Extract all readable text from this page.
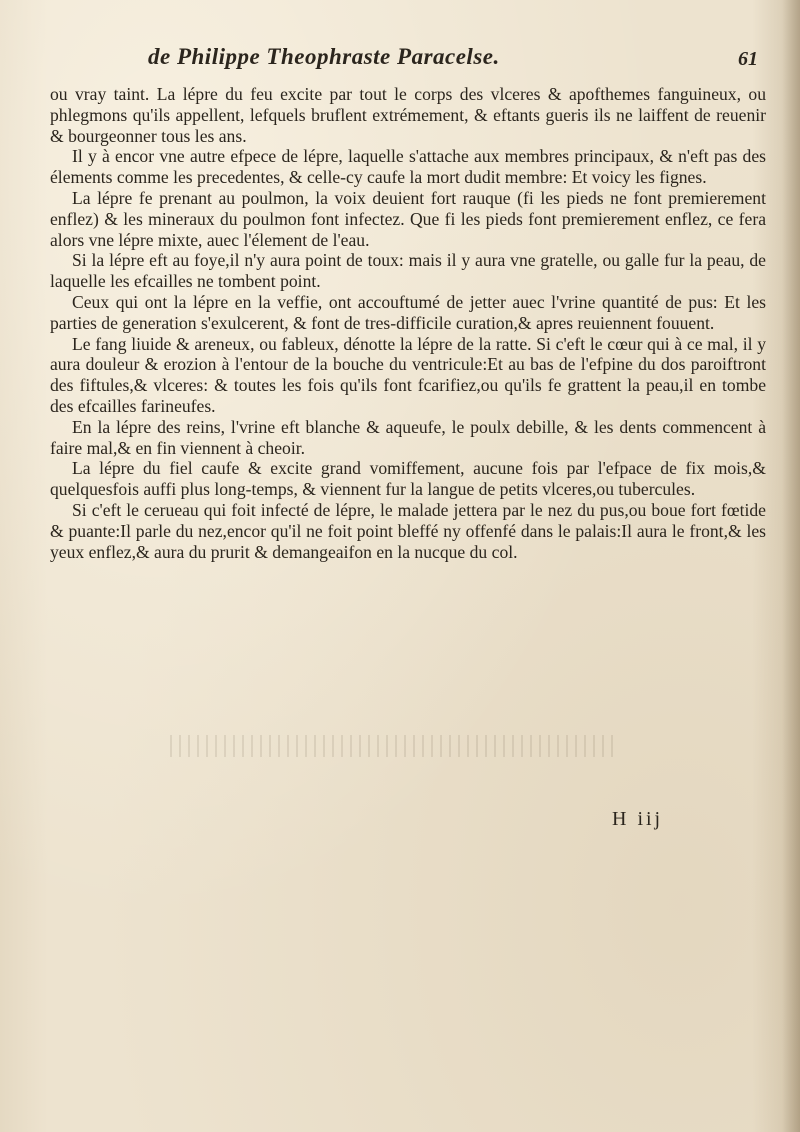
de Philippe Theophraste Paracelse.	61

ou vray taint. La lépre du feu excite par tout le corps des vlceres & apofthemes fanguineux, ou phlegmons qu'ils appellent, lefquels bruflent extrémement, & eftants gueris ils ne laiffent de reuenir & bourgeonner tous les ans.

Il y à encor vne autre efpece de lépre, laquelle s'attache aux membres principaux, & n'eft pas des élements comme les precedentes, & celle-cy caufe la mort dudit membre: Et voicy les fignes.

La lépre fe prenant au poulmon, la voix deuient fort rauque (fi les pieds ne font premierement enflez) & les mineraux du poulmon font infectez. Que fi les pieds font premierement enflez, ce fera alors vne lépre mixte, auec l'élement de l'eau.

Si la lépre eft au foye,il n'y aura point de toux: mais il y aura vne gratelle, ou galle fur la peau, de laquelle les efcailles ne tombent point.

Ceux qui ont la lépre en la veffie, ont accouftumé de jetter auec l'vrine quantité de pus: Et les parties de generation s'exulcerent, & font de tres-difficile curation,& apres reuiennent fouuent.

Le fang liuide & areneux, ou fableux, dénotte la lépre de la ratte. Si c'eft le cœur qui à ce mal, il y aura douleur & erozion à l'entour de la bouche du ventricule:Et au bas de l'efpine du dos paroiftront des fiftules,& vlceres: & toutes les fois qu'ils font fcarifiez,ou qu'ils fe grattent la peau,il en tombe des efcailles farineufes.

En la lépre des reins, l'vrine eft blanche & aqueufe, le poulx debille, & les dents commencent à faire mal,& en fin viennent à cheoir.

La lépre du fiel caufe & excite grand vomiffement, aucune fois par l'efpace de fix mois,& quelquesfois auffi plus long-temps, & viennent fur la langue de petits vlceres,ou tubercules.

Si c'eft le cerueau qui foit infecté de lépre, le malade jettera par le nez du pus,ou boue fort fœtide & puante:Il parle du nez,encor qu'il ne foit point bleffé ny offenfé dans le palais:Il aura le front,& les yeux enflez,& aura du prurit & demangeaifon en la nucque du col.

H iij
